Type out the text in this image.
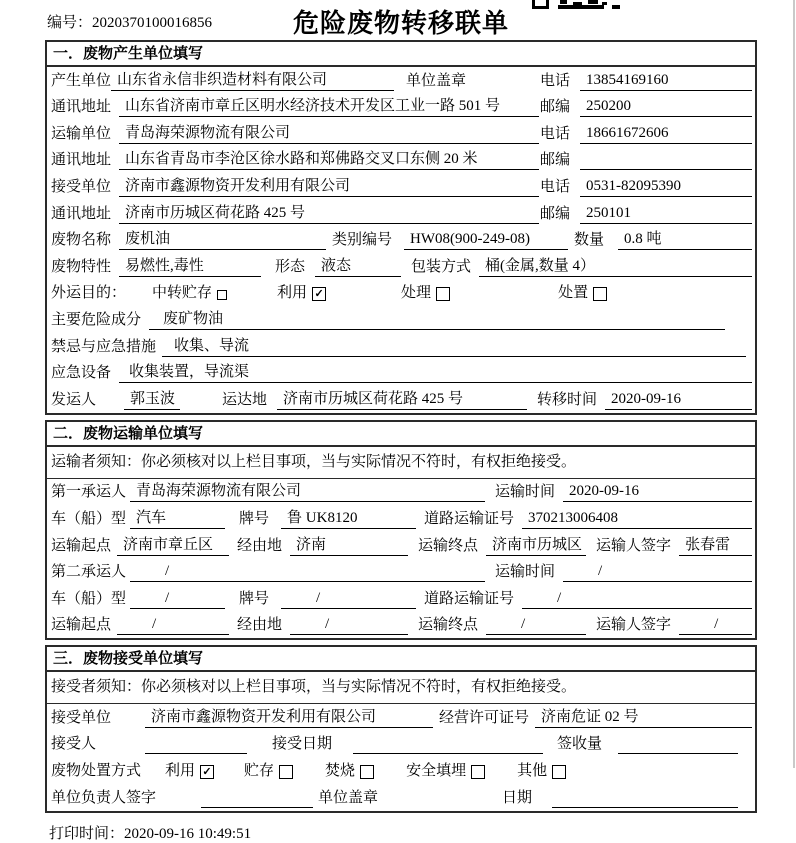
编号：2020370100016856	危险废物转移联单
一．废物产生单位填写
产生单位 山东省永信非织造材料有限公司	单位盖章	电话	13854169160
通讯地址 山东省济南市章丘区明水经济技术开发区工业一路 501 号	邮编	250200
运输单位 青岛海荣源物流有限公司	电话	18661672606
通讯地址 山东省青岛市李沧区徐水路和郑佛路交叉口东侧 20 米	邮编
接受单位 济南市鑫源物资开发利用有限公司	电话	0531-82095390
通讯地址 济南市历城区荷花路 425 号	邮编	250101
废物名称 废机油	类别编号	HW08(900-249-08)	数量	0.8 吨
废物特性 易燃性,毒性	形态	液态	包装方式 桶(金属,数量 4）
外运目的： 中转贮存	利用 ✓	处理	处置
主要危险成分	废矿物油
禁忌与应急措施	收集、导流
应急设备	收集装置，导流渠
发运人	郭玉波	运达地	济南市历城区荷花路 425 号	转移时间 2020-09-16
二．废物运输单位填写
运输者须知：你必须核对以上栏目事项，当与实际情况不符时，有权拒绝接受。
第一承运人 青岛海荣源物流有限公司	运输时间 2020-09-16
车（船）型 汽车	牌号	鲁 UK8120	道路运输证号 370213006408
运输起点 济南市章丘区	经由地 济南	运输终点 济南市历城区 运输人签字 张春雷
第二承运人	/	运输时间	/
车（船）型	/	牌号	/	道路运输证号	/
运输起点	/	经由地	/	运输终点	/	运输人签字	/
三．废物接受单位填写
接受者须知：你必须核对以上栏目事项，当与实际情况不符时，有权拒绝接受。
接受单位	济南市鑫源物资开发利用有限公司	经营许可证号 济南危证 02 号
接受人	接受日期	签收量
废物处置方式 利用 ✓ 贮存	焚烧	安全填埋	其他
单位负责人签字	单位盖章	日期
打印时间：2020-09-16 10:49:51
